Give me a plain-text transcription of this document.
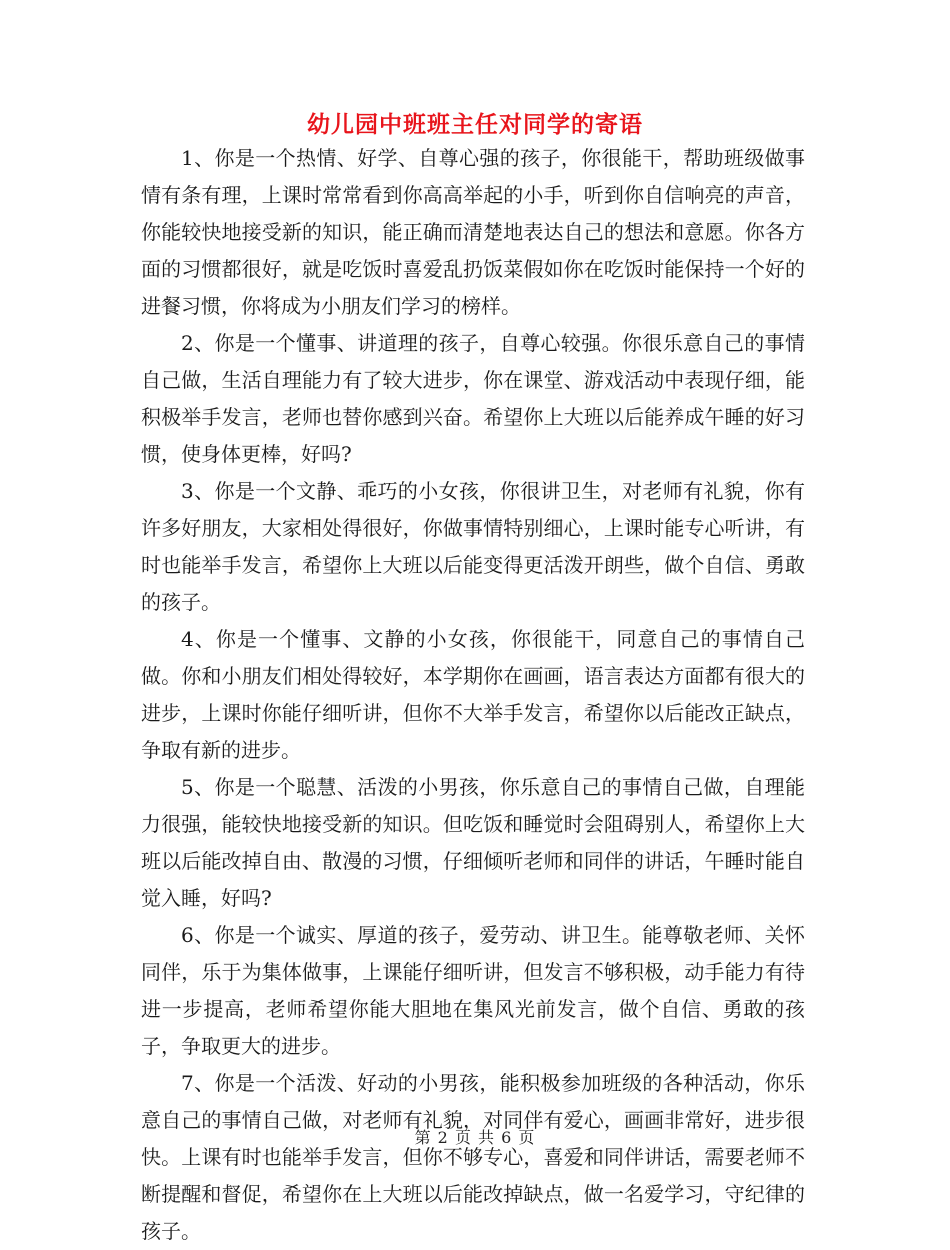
幼儿园中班班主任对同学的寄语

1、你是一个热情、好学、自尊心强的孩子，你很能干，帮助班级做事情有条有理，上课时常常看到你高高举起的小手，听到你自信响亮的声音，你能较快地接受新的知识，能正确而清楚地表达自己的想法和意愿。你各方面的习惯都很好，就是吃饭时喜爱乱扔饭菜假如你在吃饭时能保持一个好的进餐习惯，你将成为小朋友们学习的榜样。

2、你是一个懂事、讲道理的孩子，自尊心较强。你很乐意自己的事情自己做，生活自理能力有了较大进步，你在课堂、游戏活动中表现仔细，能积极举手发言，老师也替你感到兴奋。希望你上大班以后能养成午睡的好习惯，使身体更棒，好吗?

3、你是一个文静、乖巧的小女孩，你很讲卫生，对老师有礼貌，你有许多好朋友，大家相处得很好，你做事情特别细心，上课时能专心听讲，有时也能举手发言，希望你上大班以后能变得更活泼开朗些，做个自信、勇敢的孩子。

4、你是一个懂事、文静的小女孩，你很能干，同意自己的事情自己做。你和小朋友们相处得较好，本学期你在画画，语言表达方面都有很大的进步，上课时你能仔细听讲，但你不大举手发言，希望你以后能改正缺点，争取有新的进步。

5、你是一个聪慧、活泼的小男孩，你乐意自己的事情自己做，自理能力很强，能较快地接受新的知识。但吃饭和睡觉时会阻碍别人，希望你上大班以后能改掉自由、散漫的习惯，仔细倾听老师和同伴的讲话，午睡时能自觉入睡，好吗?

6、你是一个诚实、厚道的孩子，爱劳动、讲卫生。能尊敬老师、关怀同伴，乐于为集体做事，上课能仔细听讲，但发言不够积极，动手能力有待进一步提高，老师希望你能大胆地在集风光前发言，做个自信、勇敢的孩子，争取更大的进步。

7、你是一个活泼、好动的小男孩，能积极参加班级的各种活动，你乐意自己的事情自己做，对老师有礼貌，对同伴有爱心，画画非常好，进步很快。上课有时也能举手发言，但你不够专心，喜爱和同伴讲话，需要老师不断提醒和督促，希望你在上大班以后能改掉缺点，做一名爱学习，守纪律的孩子。

第 2 页 共 6 页
